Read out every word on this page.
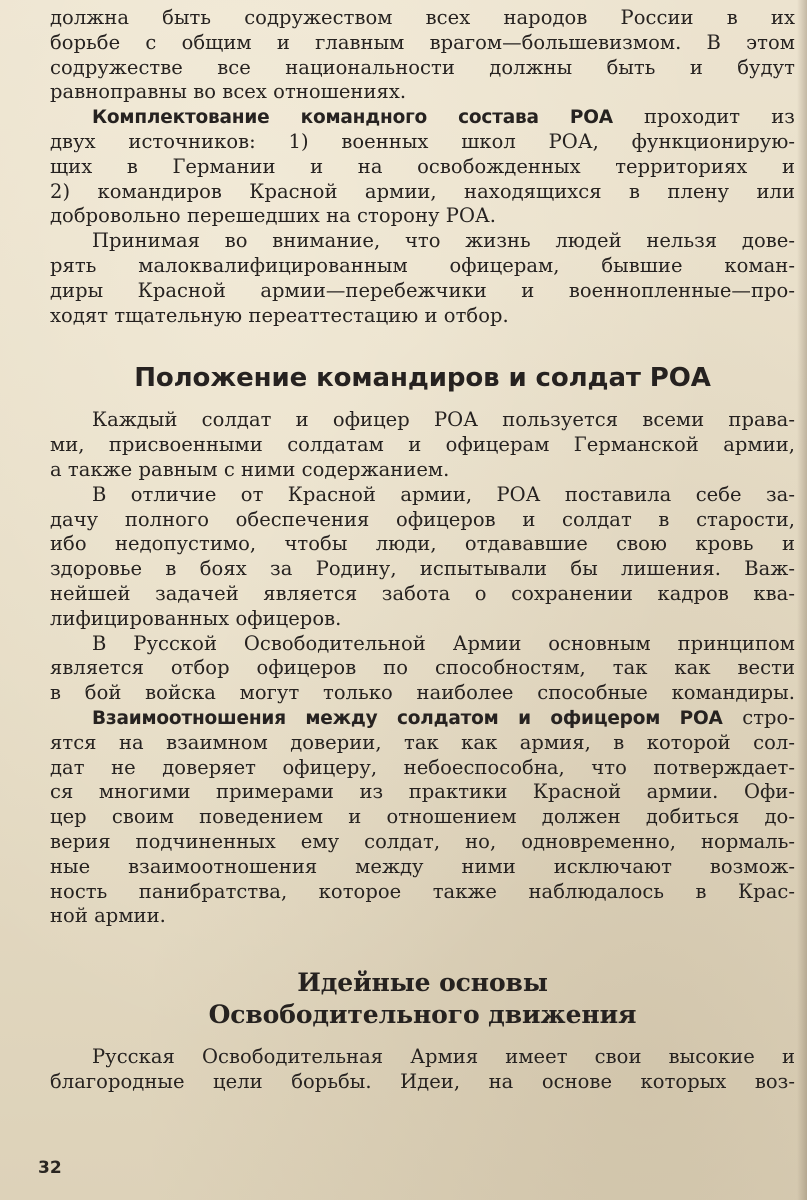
должна быть содружеством всех народов России в их
борьбе с общим и главным врагом—большевизмом. В этом
содружестве все национальности должны быть и будут
равноправны во всех отношениях.
Комплектование командного состава РОА проходит из
двух источников: 1) военных школ РОА, функционирую-
щих в Германии и на освобожденных территориях и
2) командиров Красной армии, находящихся в плену или
добровольно перешедших на сторону РОА.
Принимая во внимание, что жизнь людей нельзя дове-
рять малоквалифицированным офицерам, бывшие коман-
диры Красной армии—перебежчики и военнопленные—про-
ходят тщательную переаттестацию и отбор.
Положение командиров и солдат РОА
Каждый солдат и офицер РОА пользуется всеми права-
ми, присвоенными солдатам и офицерам Германской армии,
а также равным с ними содержанием.
В отличие от Красной армии, РОА поставила себе за-
дачу полного обеспечения офицеров и солдат в старости,
ибо недопустимо, чтобы люди, отдававшие свою кровь и
здоровье в боях за Родину, испытывали бы лишения. Важ-
нейшей задачей является забота о сохранении кадров ква-
лифицированных офицеров.
В Русской Освободительной Армии основным принципом
является отбор офицеров по способностям, так как вести
в бой войска могут только наиболее способные командиры.
Взаимоотношения между солдатом и офицером РОА стро-
ятся на взаимном доверии, так как армия, в которой сол-
дат не доверяет офицеру, небоеспособна, что потверждает-
ся многими примерами из практики Красной армии. Офи-
цер своим поведением и отношением должен добиться до-
верия подчиненных ему солдат, но, одновременно, нормаль-
ные взаимоотношения между ними исключают возмож-
ность панибратства, которое также наблюдалось в Крас-
ной армии.
Идейные основы
Освободительного движения
Русская Освободительная Армия имеет свои высокие и
благородные цели борьбы. Идеи, на основе которых воз-
32
